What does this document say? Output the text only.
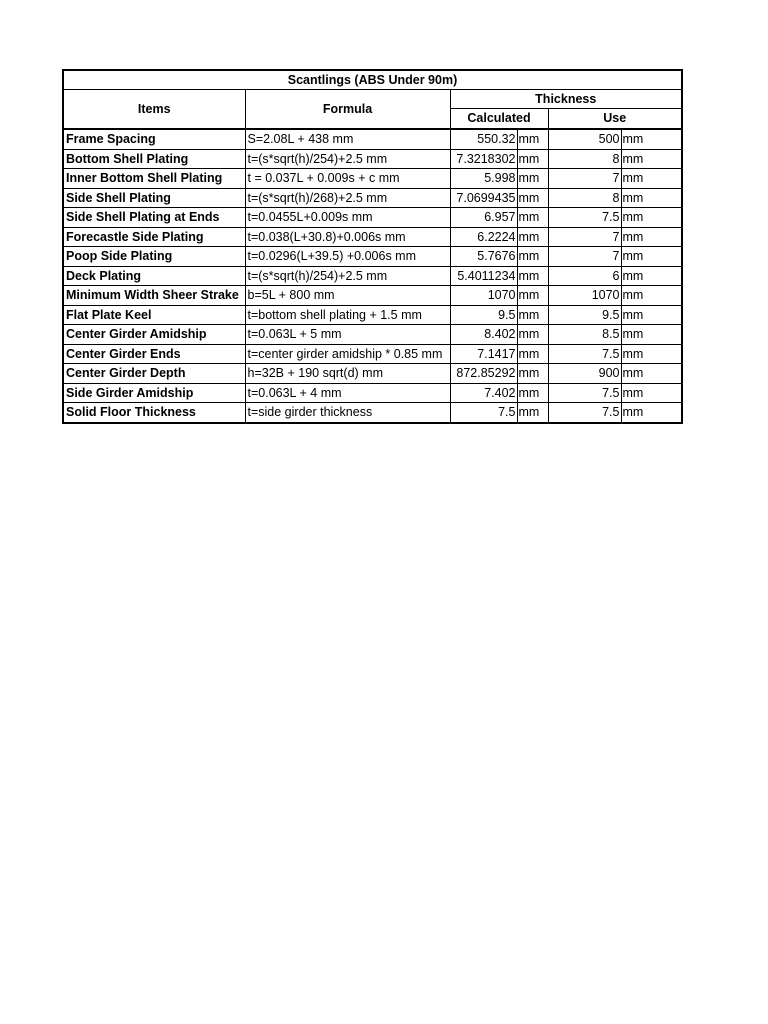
Scantlings (ABS Under 90m)					
Items	Formula	Thickness			
		Calculated		Use	
Frame Spacing	S=2.08L + 438 mm	550.32	mm	500	mm
Bottom Shell Plating	t=(s*sqrt(h)/254)+2.5 mm	7.3218302	mm	8	mm
Inner Bottom Shell Plating	t = 0.037L + 0.009s + c mm	5.998	mm	7	mm
Side Shell Plating	t=(s*sqrt(h)/268)+2.5 mm	7.0699435	mm	8	mm
Side Shell Plating at Ends	t=0.0455L+0.009s mm	6.957	mm	7.5	mm
Forecastle Side Plating	t=0.038(L+30.8)+0.006s mm	6.2224	mm	7	mm
Poop Side Plating	t=0.0296(L+39.5) +0.006s mm	5.7676	mm	7	mm
Deck Plating	t=(s*sqrt(h)/254)+2.5 mm	5.4011234	mm	6	mm
Minimum Width Sheer Strake	b=5L + 800 mm	1070	mm	1070	mm
Flat Plate Keel	t=bottom shell plating + 1.5 mm	9.5	mm	9.5	mm
Center Girder Amidship	t=0.063L + 5 mm	8.402	mm	8.5	mm
Center Girder Ends	t=center girder amidship * 0.85 mm	7.1417	mm	7.5	mm
Center Girder Depth	h=32B + 190 sqrt(d) mm	872.85292	mm	900	mm
Side Girder Amidship	t=0.063L + 4 mm	7.402	mm	7.5	mm
Solid Floor Thickness	t=side girder thickness	7.5	mm	7.5	mm
